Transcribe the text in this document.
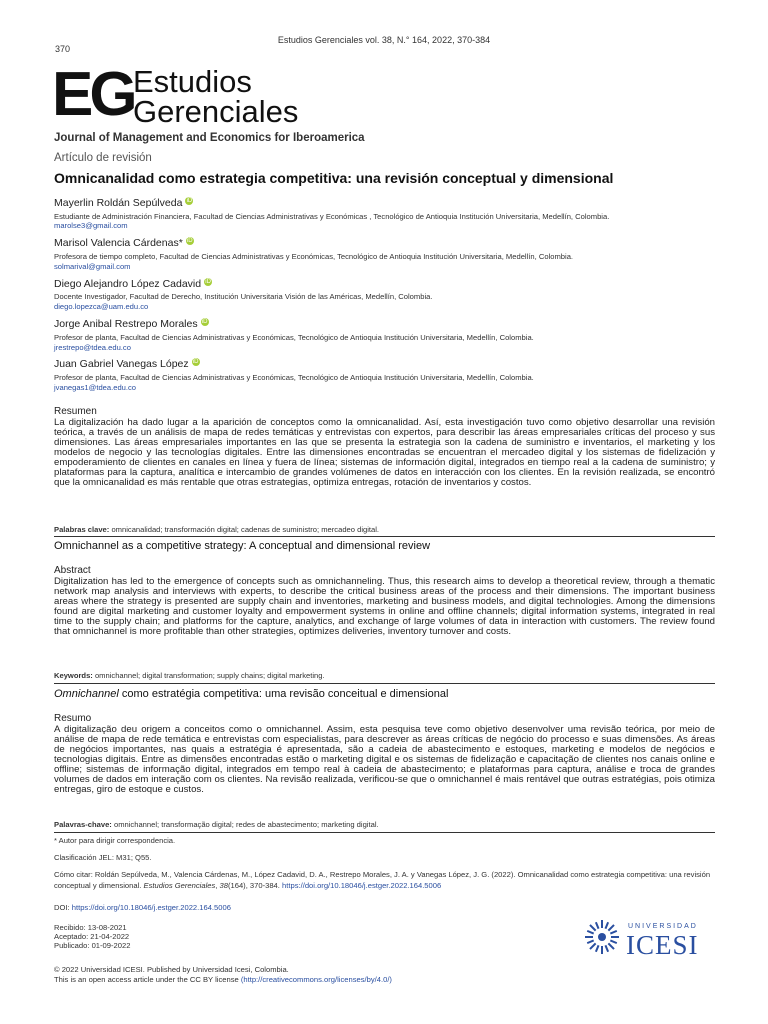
Estudios Gerenciales vol. 38, N.° 164, 2022, 370-384
370
EG Estudios
Gerenciales
Journal of Management and Economics for Iberoamerica
Artículo de revisión
Omnicanalidad como estrategia competitiva: una revisión conceptual y dimensional
Mayerlin Roldán Sepúlveda iD
Estudiante de Administración Financiera, Facultad de Ciencias Administrativas y Económicas , Tecnológico de Antioquia Institución Universitaria, Medellín, Colombia.
marolse3@gmail.com
Marisol Valencia Cárdenas* iD
Profesora de tiempo completo, Facultad de Ciencias Administrativas y Económicas, Tecnológico de Antioquia Institución Universitaria, Medellín, Colombia.
solmarival@gmail.com
Diego Alejandro López Cadavid iD
Docente Investigador, Facultad de Derecho, Institución Universitaria Visión de las Américas, Medellín, Colombia.
diego.lopezca@uam.edu.co
Jorge Anibal Restrepo Morales iD
Profesor de planta, Facultad de Ciencias Administrativas y Económicas, Tecnológico de Antioquia Institución Universitaria, Medellín, Colombia.
jrestrepo@tdea.edu.co
Juan Gabriel Vanegas López iD
Profesor de planta, Facultad de Ciencias Administrativas y Económicas, Tecnológico de Antioquia Institución Universitaria, Medellín, Colombia.
jvanegas1@tdea.edu.co
Resumen
La digitalización ha dado lugar a la aparición de conceptos como la omnicanalidad. Así, esta investigación tuvo como objetivo desarrollar una revisión teórica, a través de un análisis de mapa de redes temáticas y entrevistas con expertos, para describir las áreas empresariales críticas del proceso y sus dimensiones. Las áreas empresariales importantes en las que se presenta la estrategia son la cadena de suministro e inventarios, el marketing y los modelos de negocio y las tecnologías digitales. Entre las dimensiones encontradas se encuentran el mercadeo digital y los sistemas de fidelización y empoderamiento de clientes en canales en línea y fuera de línea; sistemas de información digital, integrados en tiempo real a la cadena de suministro; y plataformas para la captura, analítica e intercambio de grandes volúmenes de datos en interacción con los clientes. En la revisión realizada, se encontró que la omnicanalidad es más rentable que otras estrategias, optimiza entregas, rotación de inventarios y costos.
Palabras clave: omnicanalidad; transformación digital; cadenas de suministro; mercadeo digital.
Omnichannel as a competitive strategy: A conceptual and dimensional review
Abstract
Digitalization has led to the emergence of concepts such as omnichanneling. Thus, this research aims to develop a theoretical review, through a thematic network map analysis and interviews with experts, to describe the critical business areas of the process and their dimensions. The important business areas where the strategy is presented are supply chain and inventories, marketing and business models, and digital technologies. Among the dimensions found are digital marketing and customer loyalty and empowerment systems in online and offline channels; digital information systems, integrated in real time to the supply chain; and platforms for the capture, analytics, and exchange of large volumes of data in interaction with customers. The review found that omnichannel is more profitable than other strategies, optimizes deliveries, inventory turnover and costs.
Keywords: omnichannel; digital transformation; supply chains; digital marketing.
Omnichannel como estratégia competitiva: uma revisão conceitual e dimensional
Resumo
A digitalização deu origem a conceitos como o omnichannel. Assim, esta pesquisa teve como objetivo desenvolver uma revisão teórica, por meio de análise de mapa de rede temática e entrevistas com especialistas, para descrever as áreas críticas de negócio do processo e suas dimensões. As áreas de negócios importantes, nas quais a estratégia é apresentada, são a cadeia de abastecimento e estoques, marketing e modelos de negócios e tecnologias digitais. Entre as dimensões encontradas estão o marketing digital e os sistemas de fidelização e capacitação de clientes nos canais online e offline; sistemas de informação digital, integrados em tempo real à cadeia de abastecimento; e plataformas para captura, análise e troca de grandes volumes de dados em interação com os clientes. Na revisão realizada, verificou-se que o omnichannel é mais rentável que outras estratégias, pois otimiza entregas, giro de estoque e custos.
Palavras-chave: omnichannel; transformação digital; redes de abastecimento; marketing digital.
* Autor para dirigir correspondencia.
Clasificación JEL: M31; Q55.
Cómo citar: Roldán Sepúlveda, M., Valencia Cárdenas, M., López Cadavid, D. A., Restrepo Morales, J. A. y Vanegas López, J. G. (2022). Omnicanalidad como estrategia competitiva: una revisión conceptual y dimensional. Estudios Gerenciales, 38(164), 370-384. https://doi.org/10.18046/j.estger.2022.164.5006
DOI: https://doi.org/10.18046/j.estger.2022.164.5006
Recibido: 13-08-2021
Aceptado: 21-04-2022
Publicado: 01-09-2022
© 2022 Universidad ICESI. Published by Universidad Icesi, Colombia.
This is an open access article under the CC BY license (http://creativecommons.org/licenses/by/4.0/)
UNIVERSIDAD
ICESI
